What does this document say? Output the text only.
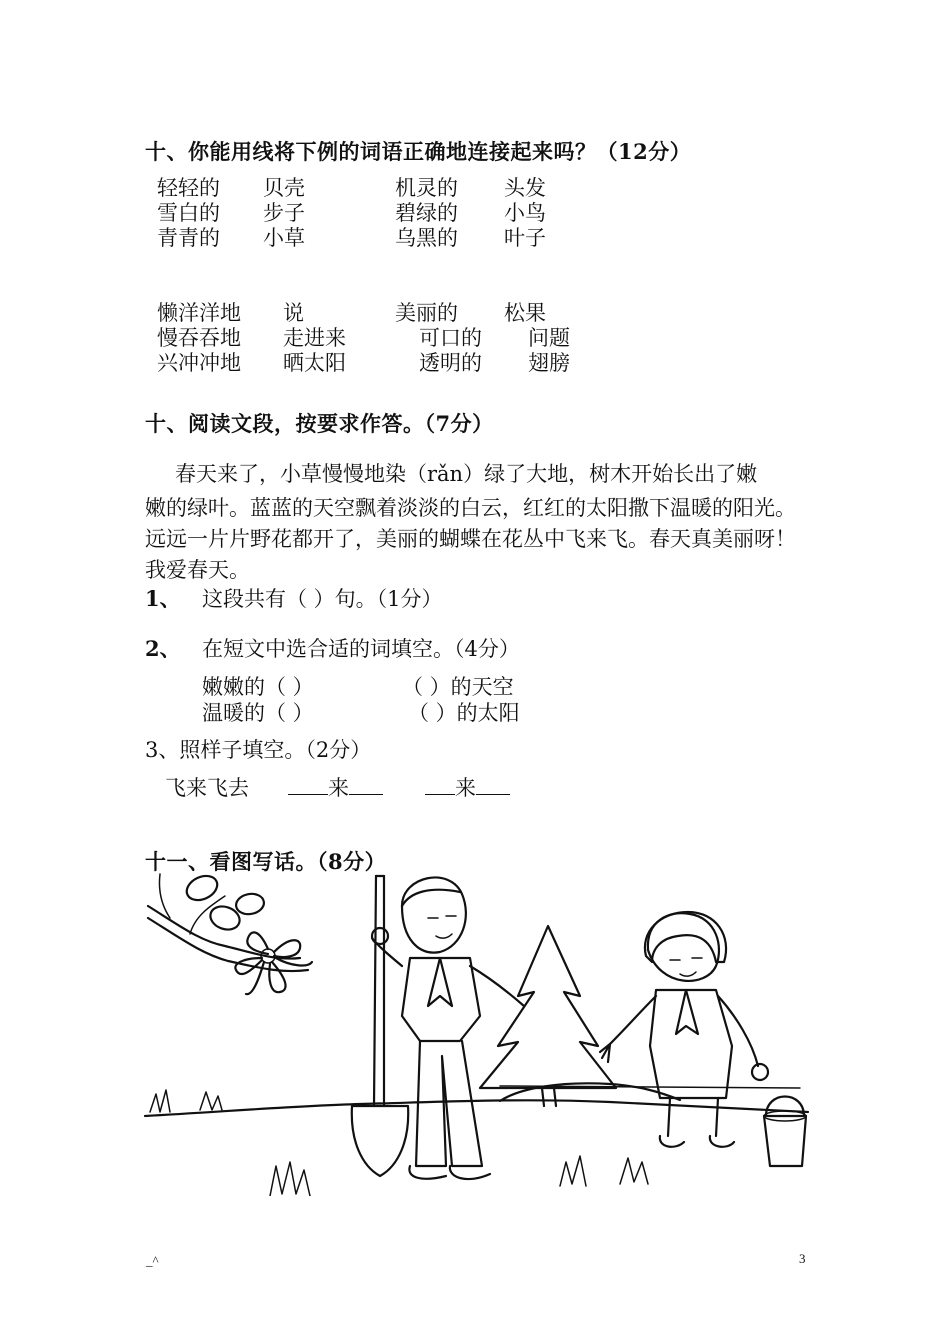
十、你能用线将下例的词语正确地连接起来吗？（12分）
轻轻的 贝壳	机灵的 头发
雪白的 步子	碧绿的 小鸟
青青的 小草	乌黑的 叶子
懒洋洋地 说	美丽的 松果
慢吞吞地 走进来	可口的 问题
兴冲冲地 晒太阳	透明的 翅膀
十、阅读文段，按要求作答。（7分）
春天来了，小草慢慢地染（rǎn）绿了大地，树木开始长出了嫩
嫩的绿叶。蓝蓝的天空飘着淡淡的白云，红红的太阳撒下温暖的阳光。远远一片片野花都开了，美丽的蝴蝶在花丛中飞来飞。春天真美丽呀！我爱春天。
1、 这段共有（ ）句。（1分）
2、 在短文中选合适的词填空。（4分）
嫩嫩的（ ）	（ ）的天空
温暖的（ ）	（ ）的太阳
3、照样子填空。（2分）
飞来飞去	来	来
十一、看图写话。（8分）
_^	3
